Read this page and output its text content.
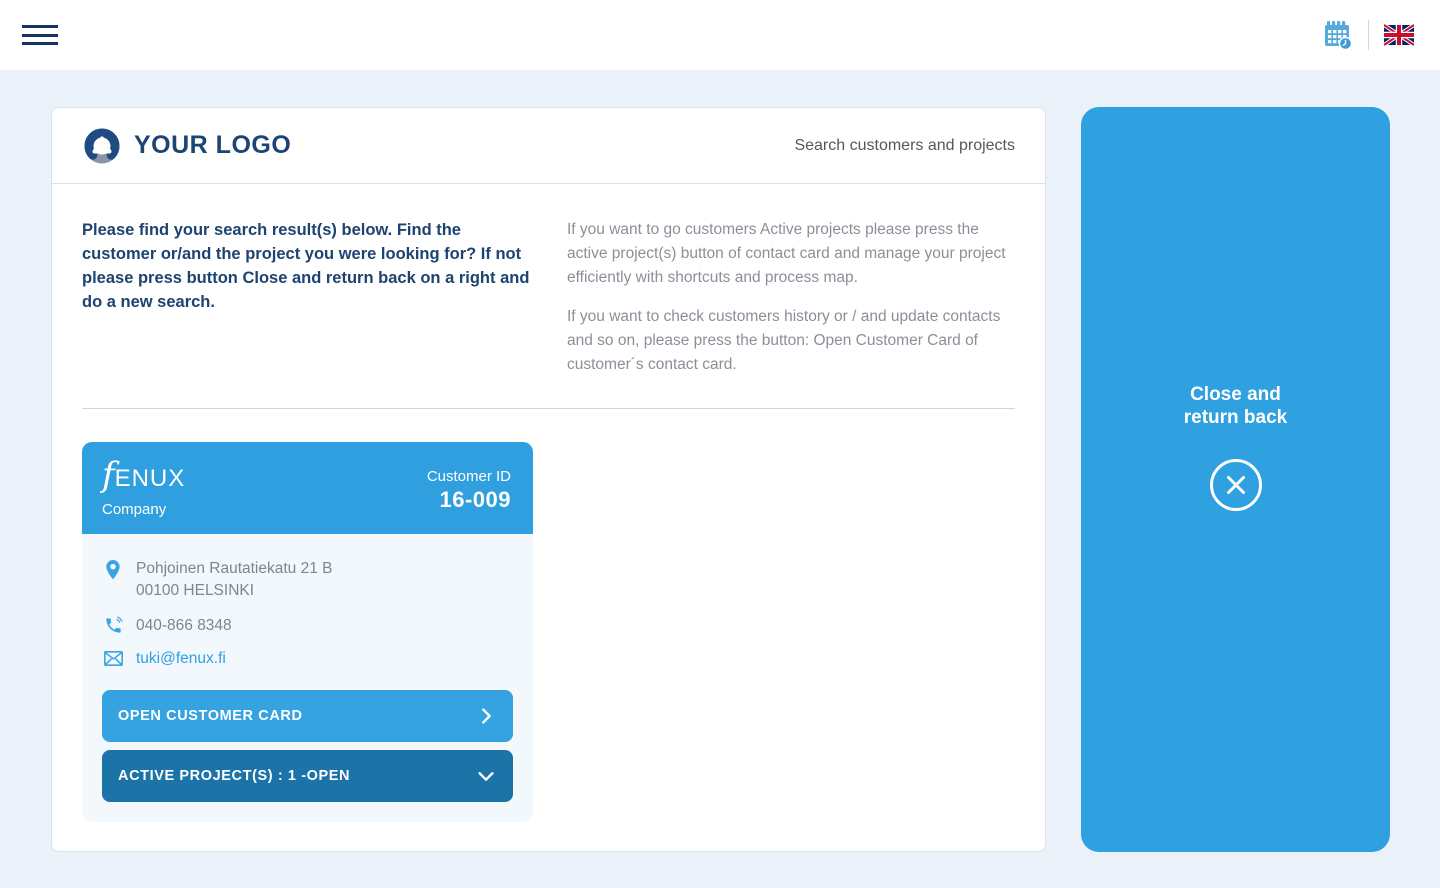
YOUR LOGO	Search customers and projects
Please find your search result(s) below. Find the customer or/and the project you were looking for? If not please press button Close and return back on a right and do a new search.

If you want to go customers Active projects please press the active project(s) button of contact card and manage your project efficiently with shortcuts and process map.

If you want to check customers history or / and update contacts and so on, please press the button: Open Customer Card of customer´s contact card.

fENUX
Company
Customer ID
16-009
Pohjoinen Rautatiekatu 21 B
00100 HELSINKI
040-866 8348
tuki@fenux.fi
OPEN CUSTOMER CARD
ACTIVE PROJECT(S) : 1 -OPEN
Close and
return back
